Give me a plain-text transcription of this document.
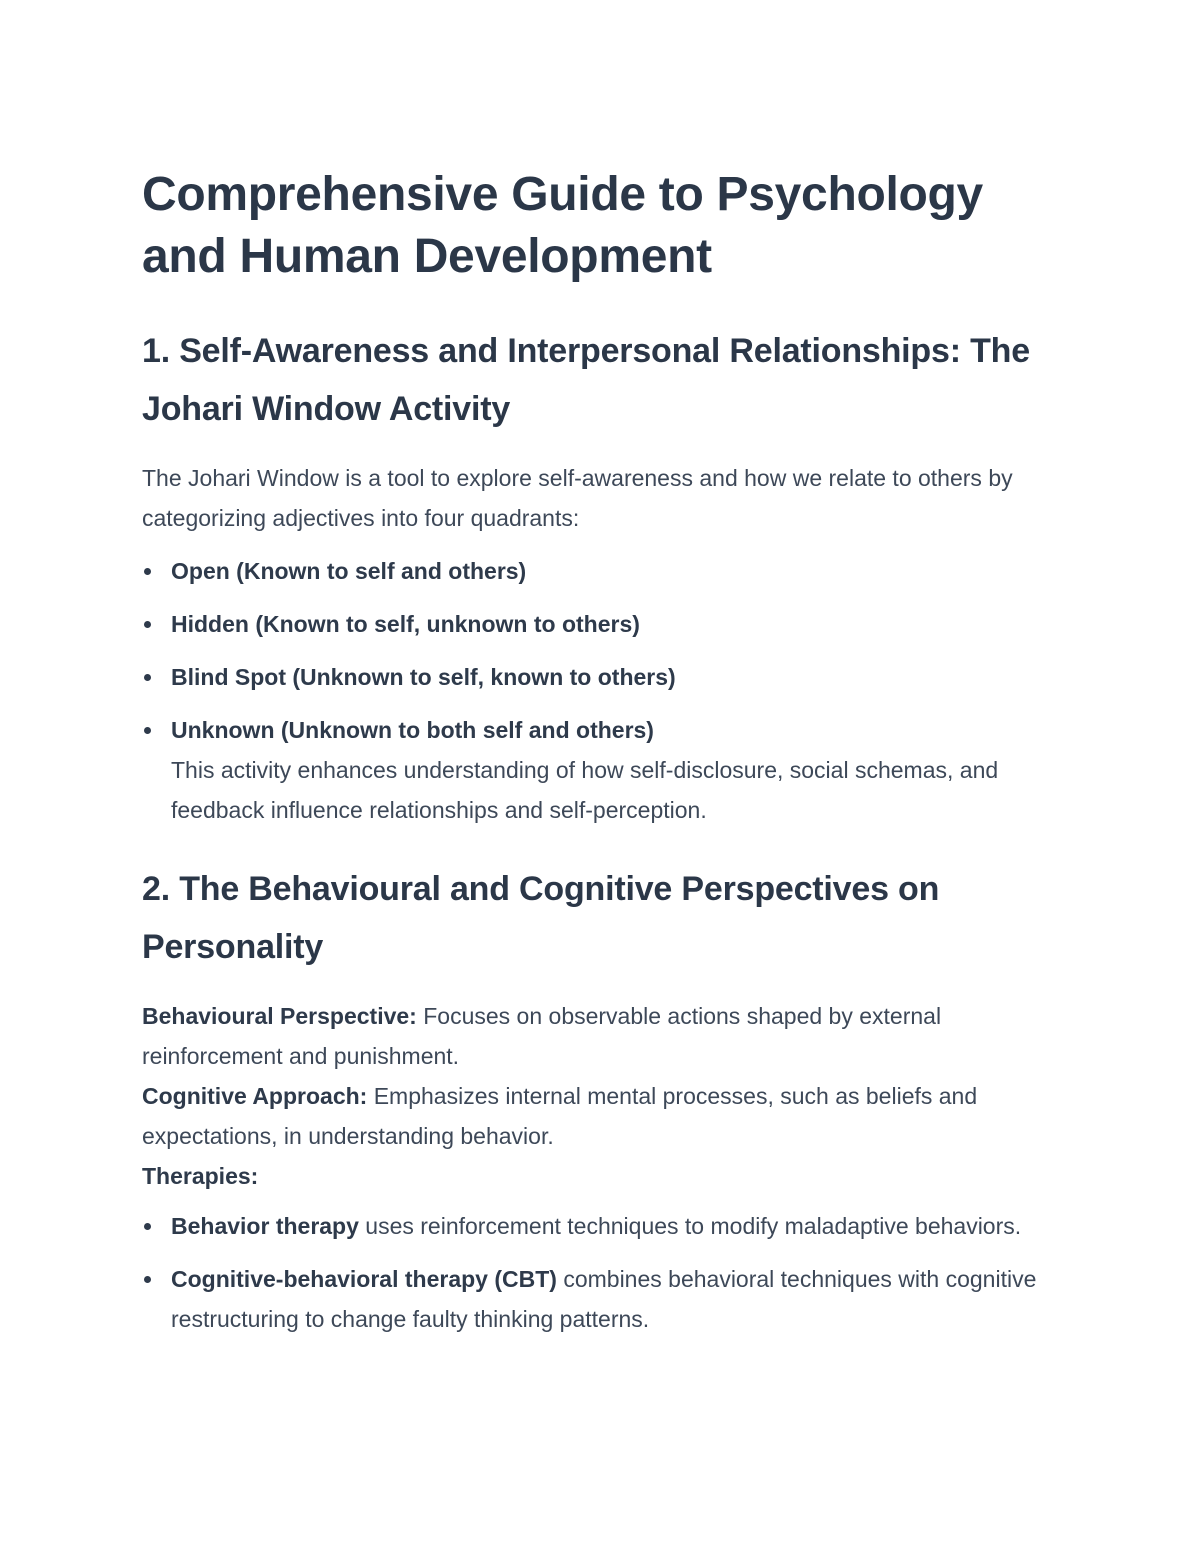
Comprehensive Guide to Psychology and Human Development
1. Self-Awareness and Interpersonal Relationships: The Johari Window Activity

The Johari Window is a tool to explore self-awareness and how we relate to others by categorizing adjectives into four quadrants:

Open (Known to self and others)
Hidden (Known to self, unknown to others)
Blind Spot (Unknown to self, known to others)
Unknown (Unknown to both self and others)
This activity enhances understanding of how self-disclosure, social schemas, and feedback influence relationships and self-perception.
2. The Behavioural and Cognitive Perspectives on Personality

Behavioural Perspective: Focuses on observable actions shaped by external reinforcement and punishment.

Cognitive Approach: Emphasizes internal mental processes, such as beliefs and expectations, in understanding behavior.

Therapies:

Behavior therapy uses reinforcement techniques to modify maladaptive behaviors.
Cognitive-behavioral therapy (CBT) combines behavioral techniques with cognitive restructuring to change faulty thinking patterns.
